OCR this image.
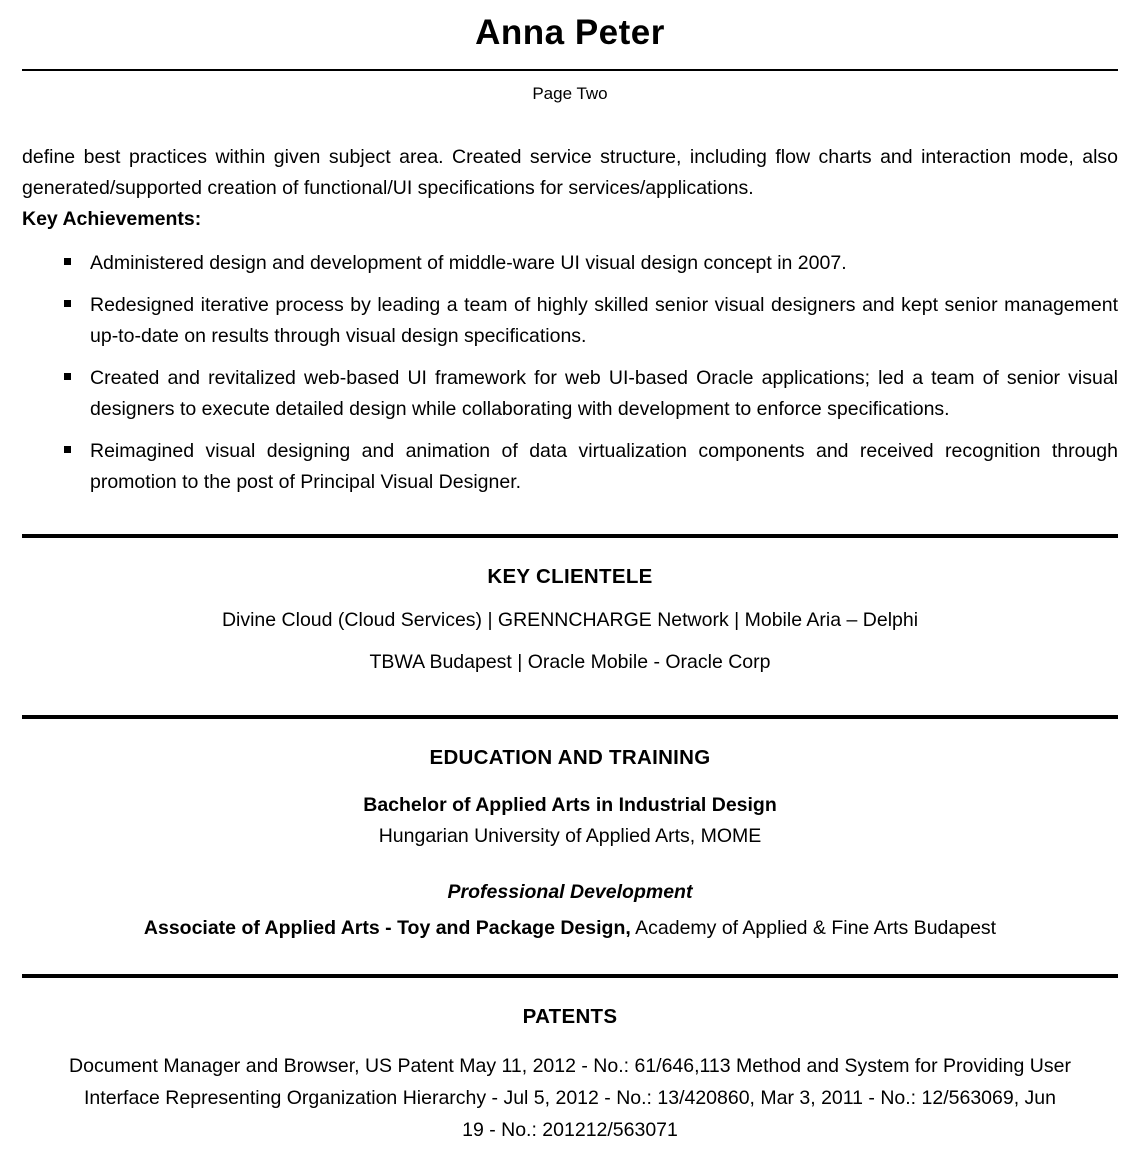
Anna Peter
Page Two

define best practices within given subject area. Created service structure, including flow charts and interaction mode, also generated/supported creation of functional/UI specifications for services/applications.

Key Achievements:

Administered design and development of middle-ware UI visual design concept in 2007.
Redesigned iterative process by leading a team of highly skilled senior visual designers and kept senior management up-to-date on results through visual design specifications.
Created and revitalized web-based UI framework for web UI-based Oracle applications; led a team of senior visual designers to execute detailed design while collaborating with development to enforce specifications.
Reimagined visual designing and animation of data virtualization components and received recognition through promotion to the post of Principal Visual Designer.
KEY CLIENTELE
Divine Cloud (Cloud Services) | GRENNCHARGE Network | Mobile Aria – Delphi
TBWA Budapest | Oracle Mobile - Oracle Corp
EDUCATION AND TRAINING
Bachelor of Applied Arts in Industrial Design
Hungarian University of Applied Arts, MOME
Professional Development
Associate of Applied Arts - Toy and Package Design, Academy of Applied & Fine Arts Budapest
PATENTS
Document Manager and Browser, US Patent May 11, 2012 - No.: 61/646,113 Method and System for Providing User
Interface Representing Organization Hierarchy - Jul 5, 2012 - No.: 13/420860, Mar 3, 2011 - No.: 12/563069, Jun
19 - No.: 201212/563071
